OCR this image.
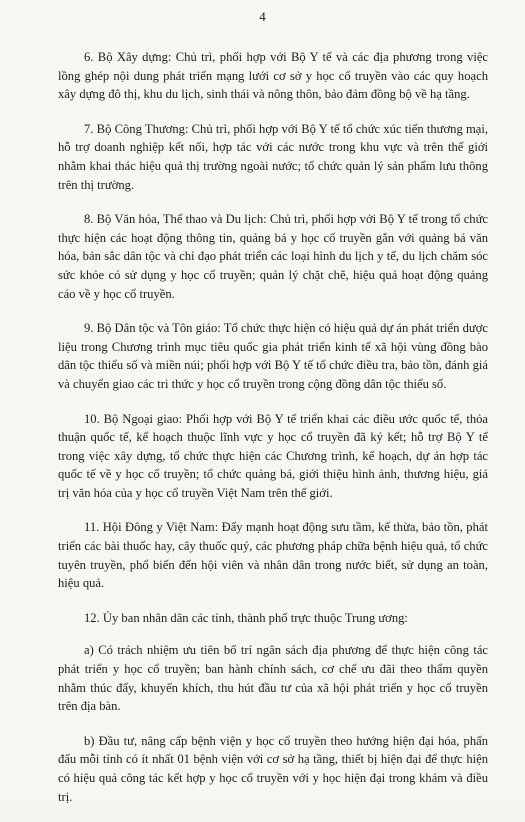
4

6. Bộ Xây dựng: Chủ trì, phối hợp với Bộ Y tế và các địa phương trong việc lồng ghép nội dung phát triển mạng lưới cơ sở y học cổ truyền vào các quy hoạch xây dựng đô thị, khu du lịch, sinh thái và nông thôn, bảo đảm đồng bộ về hạ tầng.

7. Bộ Công Thương: Chủ trì, phối hợp với Bộ Y tế tổ chức xúc tiến thương mại, hỗ trợ doanh nghiệp kết nối, hợp tác với các nước trong khu vực và trên thế giới nhằm khai thác hiệu quả thị trường ngoài nước; tổ chức quản lý sản phẩm lưu thông trên thị trường.

8. Bộ Văn hóa, Thể thao và Du lịch: Chủ trì, phối hợp với Bộ Y tế trong tổ chức thực hiện các hoạt động thông tin, quảng bá y học cổ truyền gắn với quảng bá văn hóa, bản sắc dân tộc và chỉ đạo phát triển các loại hình du lịch y tế, du lịch chăm sóc sức khỏe có sử dụng y học cổ truyền; quản lý chặt chẽ, hiệu quả hoạt động quảng cáo về y học cổ truyền.

9. Bộ Dân tộc và Tôn giáo: Tổ chức thực hiện có hiệu quả dự án phát triển dược liệu trong Chương trình mục tiêu quốc gia phát triển kinh tế xã hội vùng đồng bào dân tộc thiểu số và miền núi; phối hợp với Bộ Y tế tổ chức điều tra, bảo tồn, đánh giá và chuyển giao các tri thức y học cổ truyền trong cộng đồng dân tộc thiểu số.

10. Bộ Ngoại giao: Phối hợp với Bộ Y tế triển khai các điều ước quốc tế, thỏa thuận quốc tế, kế hoạch thuộc lĩnh vực y học cổ truyền đã ký kết; hỗ trợ Bộ Y tế trong việc xây dựng, tổ chức thực hiện các Chương trình, kế hoạch, dự án hợp tác quốc tế về y học cổ truyền; tổ chức quảng bá, giới thiệu hình ảnh, thương hiệu, giá trị văn hóa của y học cổ truyền Việt Nam trên thế giới.

11. Hội Đông y Việt Nam: Đẩy mạnh hoạt động sưu tầm, kế thừa, bảo tồn, phát triển các bài thuốc hay, cây thuốc quý, các phương pháp chữa bệnh hiệu quả, tổ chức tuyên truyền, phổ biến đến hội viên và nhân dân trong nước biết, sử dụng an toàn, hiệu quả.

12. Ủy ban nhân dân các tỉnh, thành phố trực thuộc Trung ương:

a) Có trách nhiệm ưu tiên bố trí ngân sách địa phương để thực hiện công tác phát triển y học cổ truyền; ban hành chính sách, cơ chế ưu đãi theo thẩm quyền nhằm thúc đẩy, khuyến khích, thu hút đầu tư của xã hội phát triển y học cổ truyền trên địa bàn.

b) Đầu tư, nâng cấp bệnh viện y học cổ truyền theo hướng hiện đại hóa, phấn đấu mỗi tỉnh có ít nhất 01 bệnh viện với cơ sở hạ tầng, thiết bị hiện đại để thực hiện có hiệu quả công tác kết hợp y học cổ truyền với y học hiện đại trong khám và điều trị.
